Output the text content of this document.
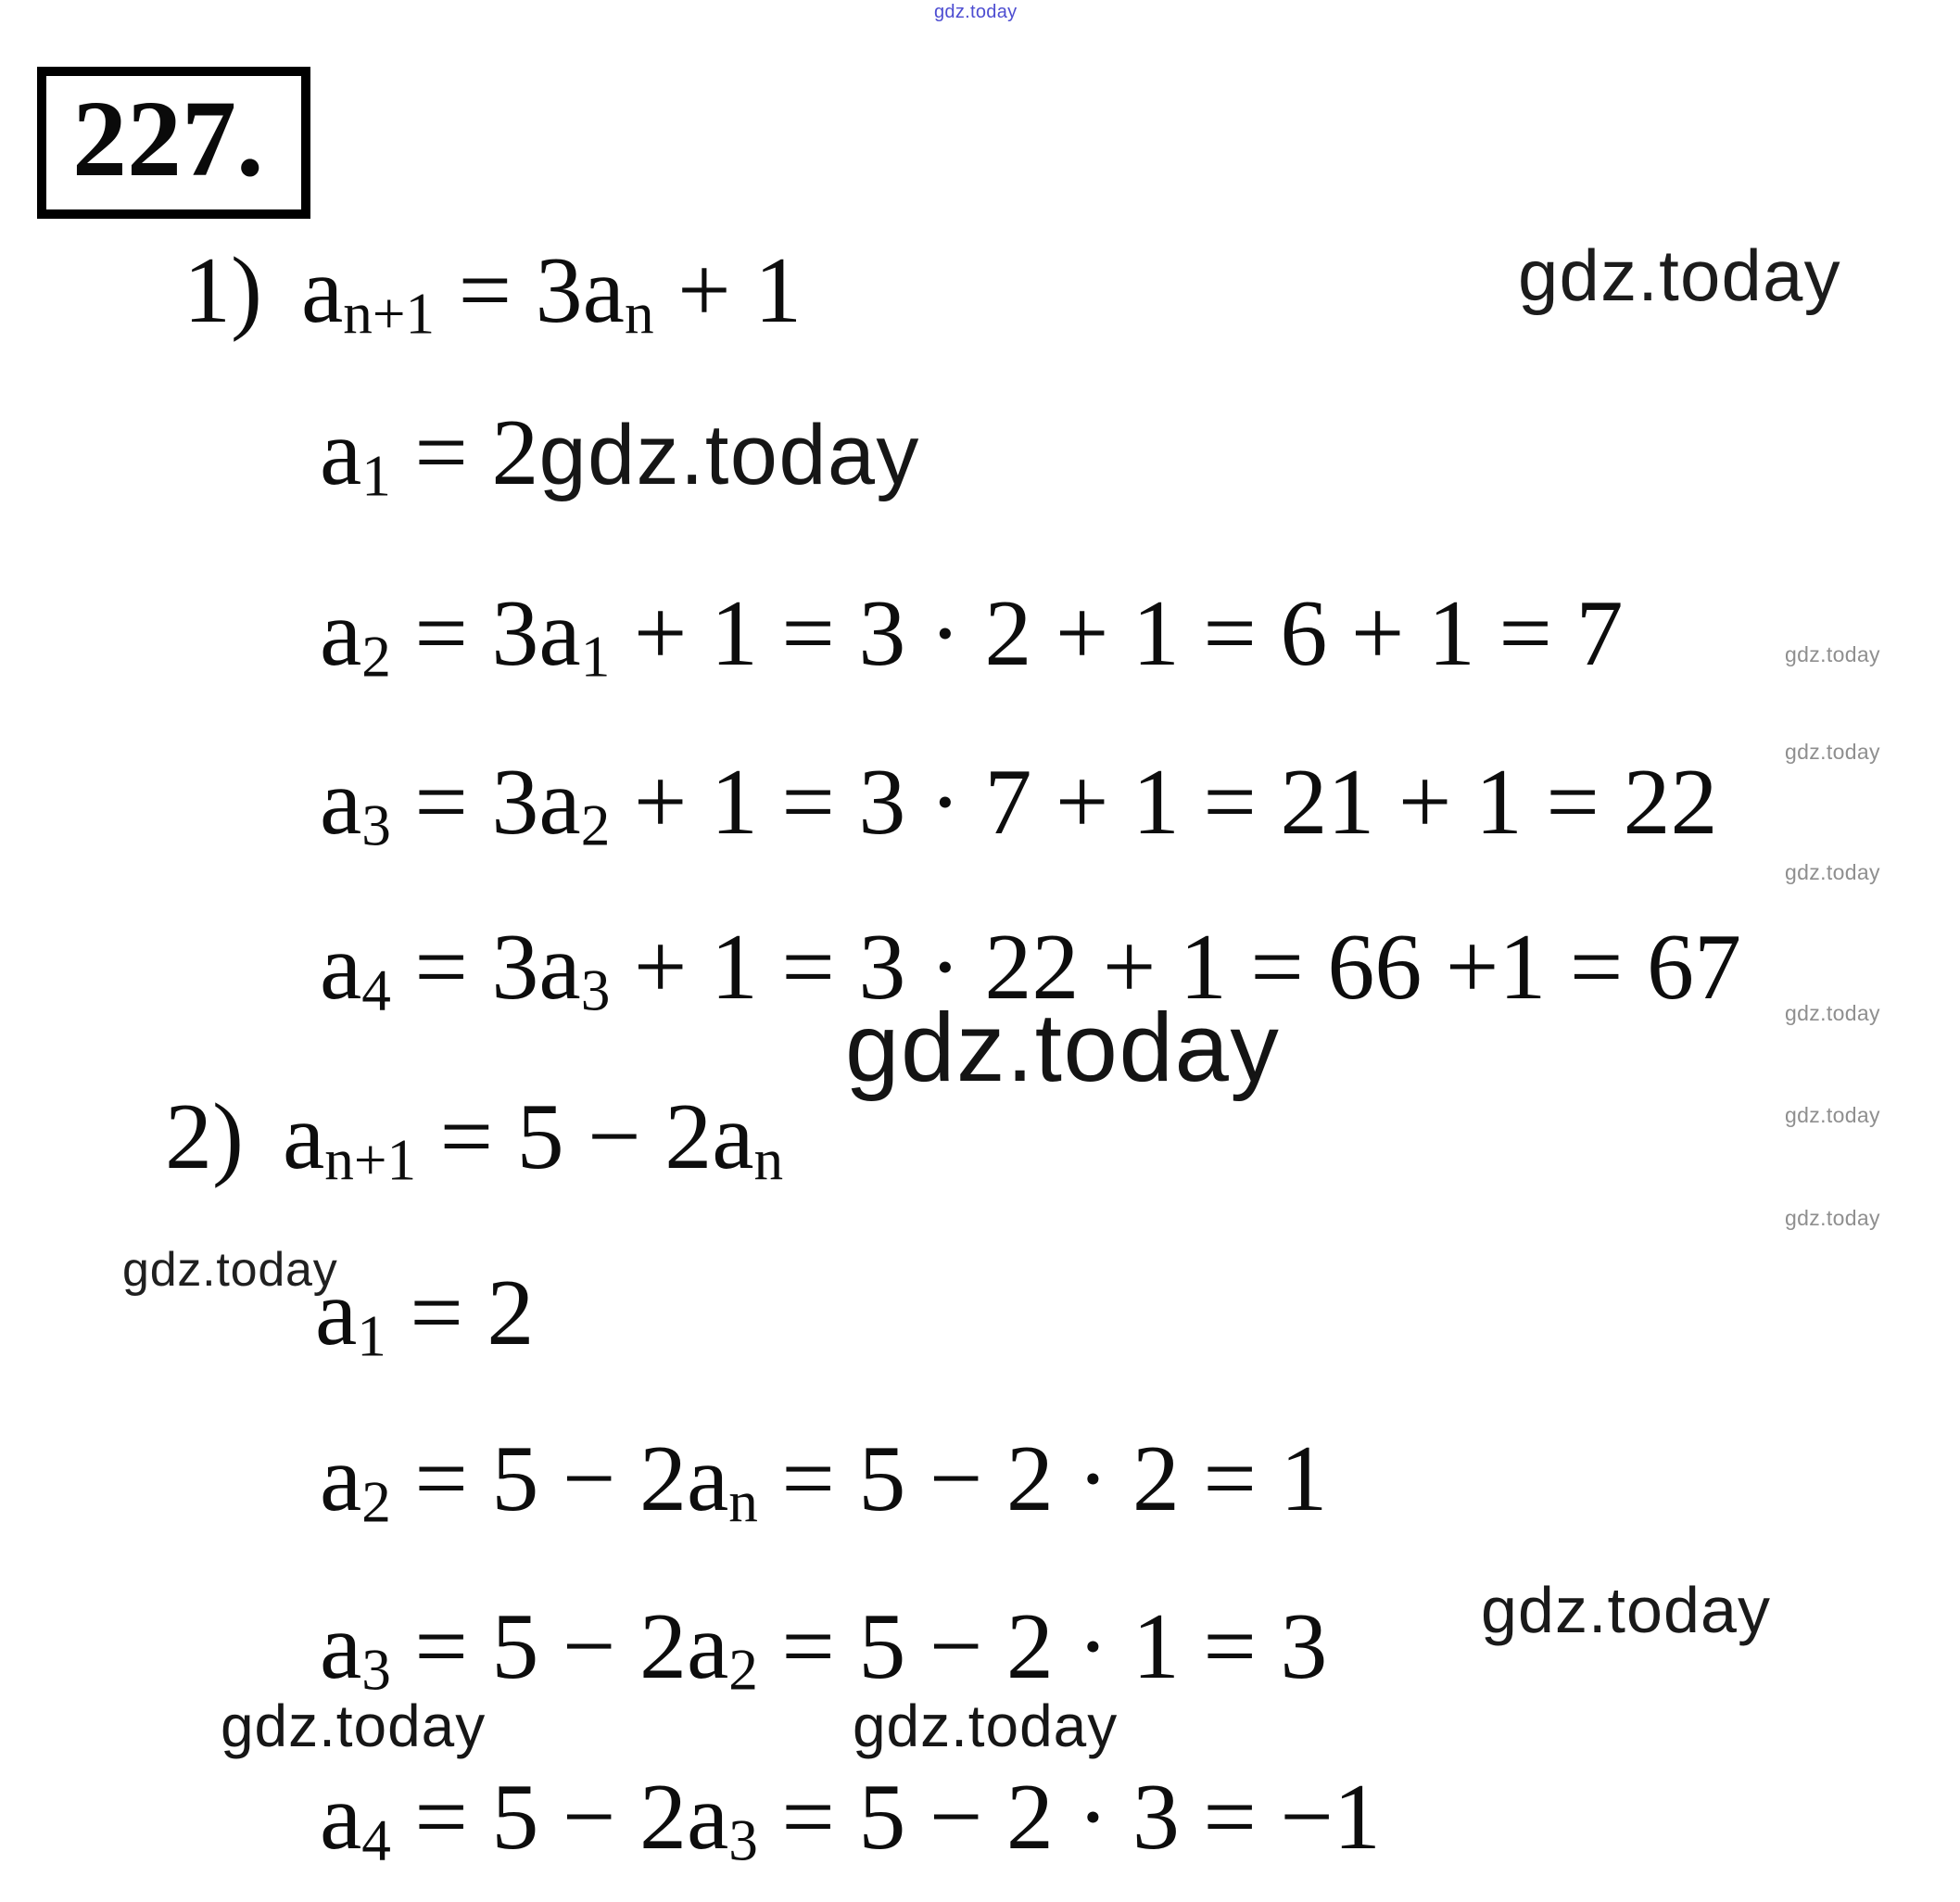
227.
gdz.today
gdz.today
gdz.today
gdz.today
gdz.today
gdz.today
gdz.today
gdz.today
gdz.today
gdz.today
gdz.today
gdz.today	gdz.today
1) $a_{n+1} = 3a_n + 1$
$a_1$ = 2gdz.today
$a_2 = 3a_1 + 1 = 3 \cdot 2 + 1 = 6 + 1 = 7$
$a_3 = 3a_2 + 1 = 3 \cdot 7 + 1 = 21 + 1 = 22$
$a_4 = 3a_3 + 1 = 3 \cdot 22 + 1 = 66 +1 = 67$
2) $a_{n+1} = 5 - 2a_n$
$a_1 = 2$
$a_2 = 5 - 2a_n = 5 - 2 \cdot 2 = 1$
$a_3 = 5 - 2a_2 = 5 - 2 \cdot 1 = 3$
$a_4 = 5 - 2a_3 = 5 - 2 \cdot 3 = -1$
